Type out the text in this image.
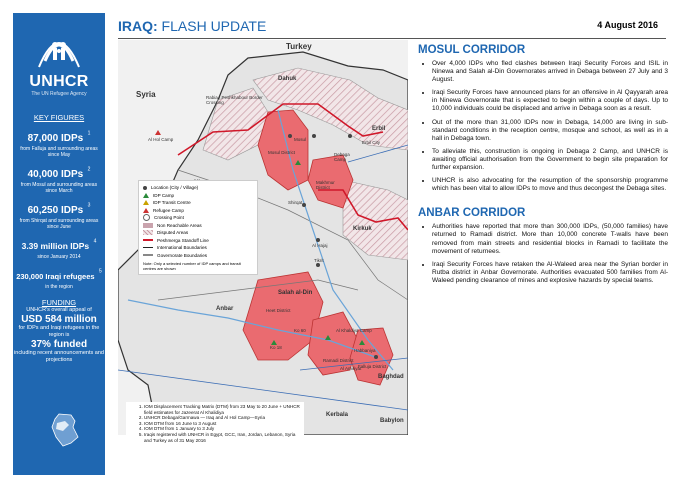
UNHCR
The UN Refugee Agency
KEY FIGURES
87,000 IDPs $^1$
from Falluja and surrounding areas since May
40,000 IDPs $^2$
from Mosul and surrounding areas since March
60,250 IDPs $^3$
from Shirqat and surrounding areas since June
3.39 million IDPs $^4$
since January 2014
230,000 Iraqi refugees $^5$
in the region
FUNDING
UNHCR's overall appeal of
USD 584 million
for IDPs and Iraqi refugees in the region is
37% funded
including recent announcements and projections
IRAQ: FLASH UPDATE	4 August 2016
Turkey
Dahuk
Syria
Erbil
Kirkuk
Salah al-Din
Anbar
Baghdad
Kerbala
Babylon
Mosul District
Makhmur District
Shirqat
Tikrit
Al Hajaj
Heet District
Ramadi District
Falluja District
Al Hol Camp
Debaga Camp
Rabia / Peshkhabour Border Crossing
Ko 18
Ko 60
Al Amiriyat
Al Khaldiya Camp
Habbaniya
Erbil City
Mosul
Location (City / Village)
IDP Camp
IDP Transit Centre
Refugee Camp
Crossing Point
Non Reachable Areas
Disputed Areas
Peshmerga Standoff Line
International Boundaries
Governorate Boundaries
Note: Only a selected number of IDP camps and transit centres are shown
1. IOM Displacement Tracking Matrix (DTM) from 23 May to 20 June + UNHCR field estimates for Jazeerat Al Khalidiya
2. UNHCR Debaga/Garmawa — Iraq and Al Hol Camp—Syria
3. IOM DTM from 16 June to 3 August
4. IOM DTM from 1 January to 3 July
5. Iraqis registered with UNHCR in Egypt, GCC, Iran, Jordan, Lebanon, Syria and Turkey as of 31 May 2016
MOSUL CORRIDOR
• Over 4,000 IDPs who fled clashes between Iraqi Security Forces and ISIL in Ninewa and Salah al-Din Governorates arrived in Debaga between 27 July and 3 August.
• Iraqi Security Forces have announced plans for an offensive in Al Qayyarah area in Ninewa Governorate that is expected to begin within a couple of days. Up to 10,000 individuals could be displaced and arrive in Debaga soon as a result.
• Out of the more than 31,000 IDPs now in Debaga, 14,000 are living in sub-standard conditions in the reception centre, mosque and school, as well as in a hall in Debaga town.
• To alleviate this, construction is ongoing in Debaga 2 Camp, and UNHCR is awaiting official authorisation from the Government to begin site preparation for further expansion.
• UNHCR is also advocating for the resumption of the sponsorship programme which has been vital to allow IDPs to move and thus decongest the Debaga sites.
ANBAR CORRIDOR
• Authorities have reported that more than 300,000 IDPs, (50,000 families) have returned to Ramadi district. More than 10,000 concrete T-walls have been removed from main streets and residential blocks in Ramadi to facilitate the movement of returnees.
• Iraqi Security Forces have retaken the Al-Waleed area near the Syrian border in Rutba district in Anbar Governorate. Authorities evacuated 500 families from Al-Waleed pending clearance of mines and explosive hazards by special teams.
